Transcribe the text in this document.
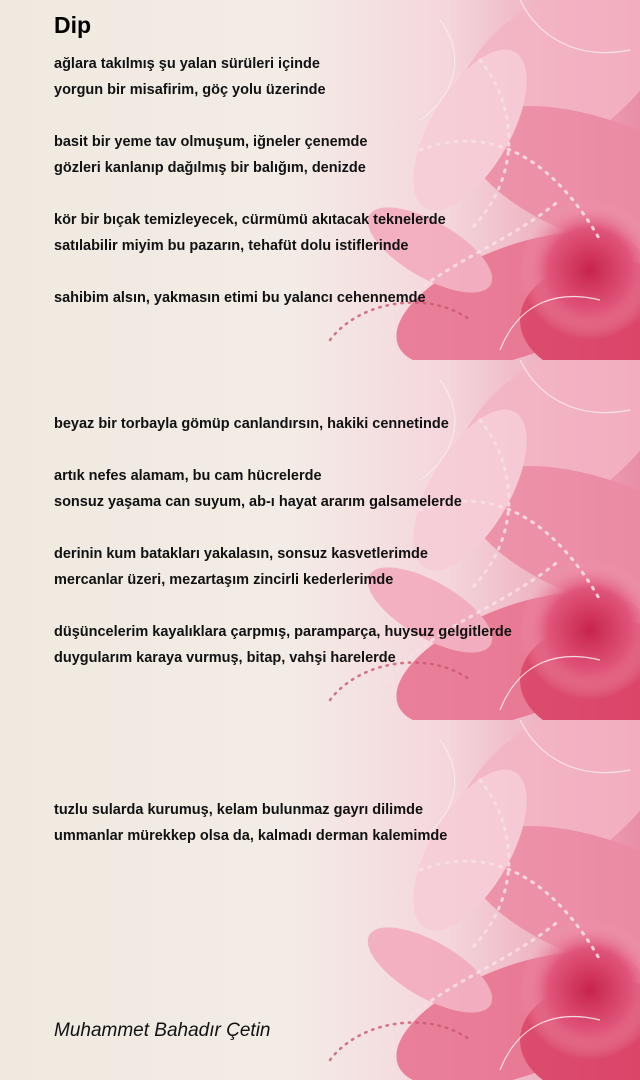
Dip

ağlara takılmış şu yalan sürüleri içinde

yorgun bir misafirim, göç yolu üzerinde

basit bir yeme tav olmuşum, iğneler çenemde

gözleri kanlanıp dağılmış bir balığım, denizde

kör bir bıçak temizleyecek, cürmümü akıtacak teknelerde

satılabilir miyim bu pazarın, tehafüt dolu istiflerinde

sahibim alsın, yakmasın etimi bu yalancı cehennemde

beyaz bir torbayla gömüp canlandırsın, hakiki cennetinde

artık nefes alamam, bu cam hücrelerde

sonsuz yaşama can suyum, ab-ı hayat ararım galsamelerde

derinin kum batakları yakalasın, sonsuz kasvetlerimde

mercanlar üzeri, mezartaşım zincirli kederlerimde

düşüncelerim kayalıklara çarpmış, paramparça, huysuz gelgitlerde

duygularım karaya vurmuş, bitap, vahşi harelerde

tuzlu sularda kurumuş, kelam bulunmaz gayrı dilimde

ummanlar mürekkep olsa da, kalmadı derman kalemimde

Muhammet Bahadır Çetin
